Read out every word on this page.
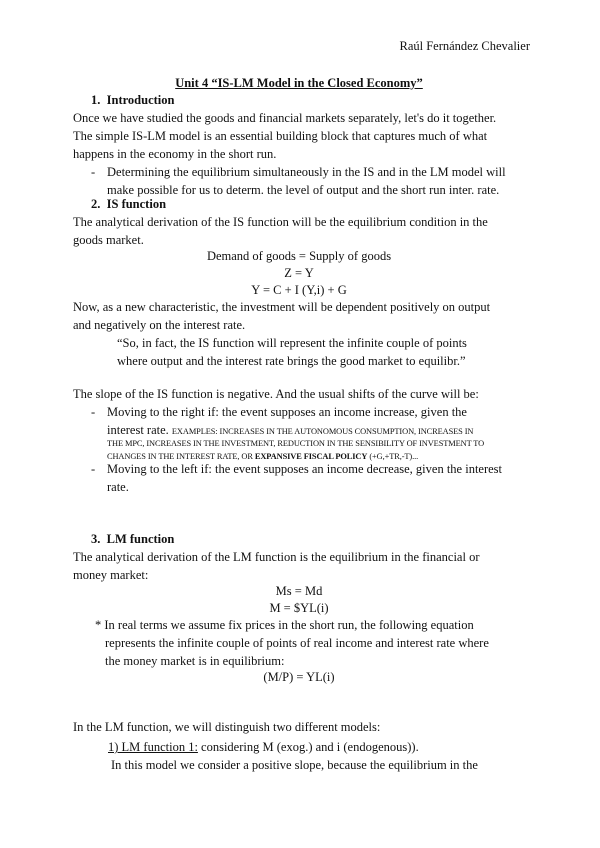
Raúl Fernández Chevalier
Unit 4 “IS-LM Model in the Closed Economy”
1. Introduction
Once we have studied the goods and financial markets separately, let's do it together.
The simple IS-LM model is an essential building block that captures much of what
happens in the economy in the short run.
- Determining the equilibrium simultaneously in the IS and in the LM model will
make possible for us to determ. the level of output and the short run inter. rate.
2. IS function
The analytical derivation of the IS function will be the equilibrium condition in the
goods market.
Demand of goods = Supply of goods
Z = Y
Y = C + I (Y,i) + G
Now, as a new characteristic, the investment will be dependent positively on output
and negatively on the interest rate.
“So, in fact, the IS function will represent the infinite couple of points
where output and the interest rate brings the good market to equilibr.”
The slope of the IS function is negative. And the usual shifts of the curve will be:
- Moving to the right if: the event supposes an income increase, given the
interest rate. EXAMPLES: INCREASES IN THE AUTONOMOUS CONSUMPTION, INCREASES IN
THE MPC, INCREASES IN THE INVESTMENT, REDUCTION IN THE SENSIBILITY OF INVESTMENT TO
CHANGES IN THE INTEREST RATE, OR EXPANSIVE FISCAL POLICY (+G,+TR,-T)...
- Moving to the left if: the event supposes an income decrease, given the interest
rate.
3. LM function
The analytical derivation of the LM function is the equilibrium in the financial or
money market:
Ms = Md
M = $YL(i)
* In real terms we assume fix prices in the short run, the following equation
represents the infinite couple of points of real income and interest rate where
the money market is in equilibrium:
(M/P) = YL(i)
In the LM function, we will distinguish two different models:
1) LM function 1: considering M (exog.) and i (endogenous)).
In this model we consider a positive slope, because the equilibrium in the
